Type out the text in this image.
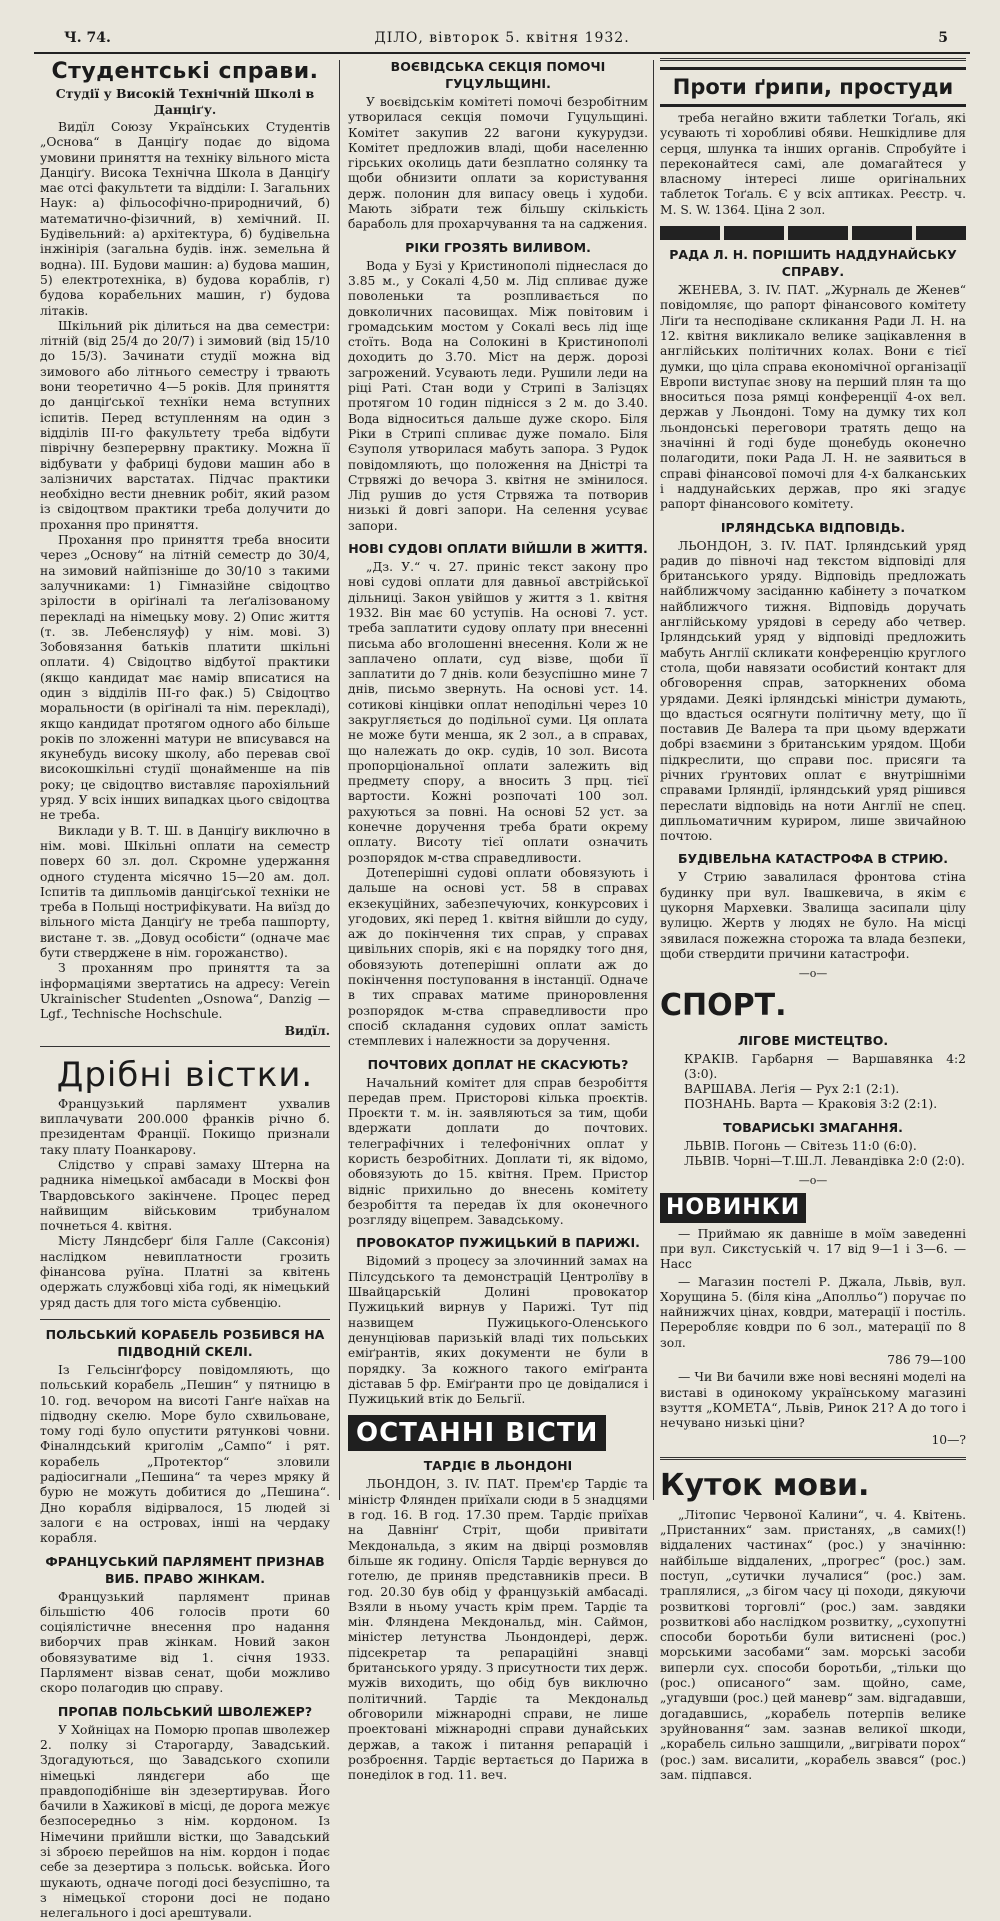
Ч. 74.	ДІЛО, вівторок 5. квітня 1932.	5
Студентські справи.
Студії у Високій Технічній Школі в Данціґу.

Видїл Союзу Українських Студентів „Основа“ в Данціґу подає до відома умовини приняття на техніку вільного міста Данціґу. Висока Технічна Школа в Данціґу має отсі факультети та відділи: І. Загальних Наук: а) фільософічно-природничий, б) математично-фізичний, в) хемічний. II. Будівельний: а) архітектура, б) будівельна інжінірія (загальна будів. інж. земельна й водна). III. Будови машин: а) будова машин, 5) електротехніка, в) будова кораблів, г) будова корабельних машин, ґ) будова літаків.

Шкільний рік ділиться на два семестри: літній (від 25/4 до 20/7) і зимовий (від 15/10 до 15/3). Зачинати студії можна від зимового або літнього семестру і трвають вони теоретично 4—5 років. Для приняття до данціґської технїки нема вступних іспитів. Перед вступленням на один з відділів III-го факультету треба відбути піврічну безперервну практику. Можна її відбувати у фабриці будови машин або в залізничих варстатах. Підчас практики необхідно вести дневник робіт, який разом із свідоцтвом практики треба долучити до прохання про приняття.

Прохання про приняття треба вносити через „Основу“ на літній семестр до 30/4, на зимовий найпізніше до 30/10 з такими залучниками: 1) Гімназійне свідоцтво зрілости в оріґіналі та леґалізованому перекладі на німецьку мову. 2) Опис життя (т. зв. Лебенсляуф) у нім. мові. 3) Зобовязання батьків платити шкільні оплати. 4) Свідоцтво відбутої практики (якщо кандидат має намір вписатися на один з відділів III-го фак.) 5) Свідоцтво моральности (в оріґіналі та нім. перекладі), якщо кандидат протягом одного або більше років по зложенні матури не вписувався на якунебудь високу школу, або перевав свої високошкільні студії щонайменше на пів року; це свідоцтво виставляє парохіяльний уряд. У всіх інших випадках цього свідоцтва не треба.

Виклади у В. Т. Ш. в Данціґу виключно в нім. мові. Шкільні оплати на семестр поверх 60 зл. дол. Скромне удержання одного студента місячно 15—20 ам. дол. Іспитів та дипльомів данціґської техніки не треба в Польщі нострифікувати. На виїзд до вільного міста Данціґу не треба пашпорту, вистане т. зв. „Довуд особісти“ (одначе має бути стверджене в нім. горожанство).

З проханням про приняття та за інформаціями звертатись на адресу: Verein Ukrainischer Studenten „Osnowa“, Danzig — Lgf., Technische Hochschule.

Видїл.
Дрібні вістки.

Французький парлямент ухвалив виплачувати 200.000 франків річно б. президентам Франції. Покищо признали таку плату Поанкарову.

Слідство у справі замаху Штерна на радника німецької амбасади в Москві фон Твардовського закінчене. Процес перед найвищим військовим трибуналом почнеться 4. квітня.

Місту Ляндсберґ біля Галле (Саксонія) наслідком невиплатности грозить фінансова руїна. Платні за квітень одержать службовці хіба годі, як німецький уряд дасть для того міста субвенцію.

ПОЛЬСЬКИЙ КОРАБЕЛЬ РОЗБИВСЯ НА ПІДВОДНІЙ СКЕЛІ.

Із Гельсінґфорсу повідомляють, що польський корабель „Пешин“ у пятницю в 10. год. вечором на висоті Ганґе наїхав на підводну скелю. Море було схвильоване, тому годі було опустити рятункові човни. Фіналндський криголім „Сампо“ і рят. корабель „Протектор“ зловили радіосигнали „Пешина“ та через мряку й бурю не можуть добитися до „Пешина“. Дно корабля відірвалося, 15 людей зі залоги є на островах, інші на чердаку корабля.

ФРАНЦУСЬКИЙ ПАРЛЯМЕНТ ПРИЗНАВ ВИБ. ПРАВО ЖІНКАМ.

Французький парлямент принав більшістю 406 голосів проти 60 соціялістичне внесення про надання виборчих прав жінкам. Новий закон обовязуватиме від 1. січня 1933. Парлямент візвав сенат, щоби можливо скоро полагодив цю справу.

ПРОПАВ ПОЛЬСЬКИЙ ШВОЛЕЖЕР?

У Хойніцах на Поморю пропав шволежер 2. полку зі Старогарду, Завадський. Здогадуються, що Завадського схопили німецькі ляндєгери або ще правдоподібніше він здезертирував. Його бачили в Хажиковї в місці, де дорога межує безпосередньо з нім. кордоном. Із Німечини прийшли вістки, що Завадський зі зброєю перейшов на нім. кордон і подає себе за дезертира з польськ. войська. Його шукають, одначе погоді досі безуспішно, та з німецької сторони досі не подано нелегального і досі арештували.

ВОЄВІДСЬКА СЕКЦІЯ ПОМОЧІ ГУЦУЛЬЩИНІ.

У воєвідськім комітеті помочі безробітним утворилася секція помочи Гуцульщині. Комітет закупив 22 вагони кукурудзи. Комітет предложив владі, щоби населенню гірських околиць дати безплатно солянку та щоби обнизити оплати за користування держ. полонин для випасу овець і худоби. Мають зібрати теж більшу скількість бараболь для прохарчування та на саджения.

РІКИ ГРОЗЯТЬ ВИЛИВОМ.

Вода у Бузі у Кристинополі піднеслася до 3.85 м., у Сокалі 4,50 м. Лід спливає дуже поволеньки та розпливається по довколичних пасовищах. Між повітовим і громадським мостом у Сокалі весь лід іще стоїть. Вода на Солокині в Кристинополі доходить до 3.70. Міст на держ. дорозі загрожений. Усувають леди. Рушили леди на ріці Раті. Стан води у Стрипі в Залізцях протягом 10 годин піднісся з 2 м. до 3.40. Вода відноситься дальше дуже скоро. Біля Ріки в Стрипі спливає дуже помало. Біля Єзуполя утворилася мабуть запора. З Рудок повідомляють, що положення на Дністрі та Стрвяжі до вечора 3. квітня не змінилося. Лід рушив до устя Стрвяжа та потворив низькі й довгі запори. На селення усуває запори.

НОВІ СУДОВІ ОПЛАТИ ВІЙШЛИ В ЖИТТЯ.

„Дз. У.“ ч. 27. приніс текст закону про нові судові оплати для давньої австрійської дільниці. Закон увійшов у життя з 1. квітня 1932. Він має 60 уступів. На основі 7. уст. треба заплатити судову оплату при внесенні письма або вголошенні внесення. Коли ж не заплачено оплати, суд візве, щоби її заплатити до 7 днів. коли безуспішно мине 7 днів, письмо звернуть. На основі уст. 14. сотикові кінцівки оплат неподільні через 10 закругляється до подільної суми. Ця оплата не може бути менша, як 2 зол., а в справах, що належать до окр. судів, 10 зол. Висота пропорціональної оплати залежить від предмету спору, а вносить 3 прц. тієї вартости. Кожні розпочаті 100 зол. рахуються за повні. На основі 52 уст. за конечне доручення треба брати окрему оплату. Висоту тієї оплати означить розпорядок м-ства справедливости.

Дотеперішні судові оплати обовязують і дальше на основі уст. 58 в справах екзекуційних, забезпечуючих, конкурсових і угодових, які перед 1. квітня війшли до суду, аж до покінчення тих справ, у справах цивільних спорів, які є на порядку того дня, обовязують дотеперішні оплати аж до покінчення поступовання в інстанції. Одначе в тих справах матиме приноровлення розпорядок м-ства справедливости про спосіб складання судових оплат замість стемплевих і належности за доручення.

ПОЧТОВИХ ДОПЛАТ НЕ СКАСУЮТЬ?

Начальний комітет для справ безробіття передав прем. Присторові кілька проєктів. Проєкти т. м. ін. заявляються за тим, щоби вдержати доплати до почтових. телеграфічних і телефонічних оплат у користь безробітних. Доплати ті, як відомо, обовязують до 15. квітня. Прем. Пристор відніс прихильно до внесень комітету безробіття та передав їх для оконечного розгляду віцепрем. Завадському.

ПРОВОКАТОР ПУЖИЦЬКИЙ В ПАРИЖІ.

Відомий з процесу за злочинний замах на Пілсудського та демонстрацій Центролїву в Швайцарській Долині провокатор Пужицький вирнув у Парижі. Тут під назвищем Пужицького-Оленського денунціював паризькій владі тих польських еміґрантів, яких документи не були в порядку. За кожного такого еміґранта діставав 5 фр. Еміґранти про це довідалися і Пужицький втік до Бельгії.

ОСТАННІ ВІСТИ
ТАРДІЄ В ЛЬОНДОНІ

ЛЬОНДОН, 3. IV. ПАТ. Прем'єр Тардіє та міністр Флянден приїхали сюди в 5 знадцями в год. 16. В год. 17.30 прем. Тардіє приїхав на Давнінґ Стріт, щоби привітати Мекдональда, з яким на двірці розмовляв більше як годину. Опісля Тардіє вернувся до готелю, де приняв представників преси. В год. 20.30 був обід у французькій амбасаді. Взяли в ньому участь крім прем. Тардіє та мін. Фляндена Мекдональд, мін. Саймон, міністер летунства Льондондері, держ. підсекретар та репараційні знавці британського уряду. З присутности тих держ. мужів виходить, що обід був виключно політичний. Тардіє та Мекдональд обговорили міжнародні справи, не лише проектовані міжнародні справи дунайських держав, а також і питання репарацій і розброєння. Тардіє вертається до Парижа в понеділок в год. 11. веч.

Проти ґрипи, простуди

треба негайно вжити таблетки Тоґаль, які усувають ті хоробливі обяви. Нешкідливе для серця, шлунка та інших органів. Спробуйте і переконайтеся самі, але домагайтеся у власному інтересі лише оригінальних таблеток Тоґаль. Є у всіх аптиках. Реєстр. ч. M. S. W. 1364. Ціна 2 зол.

РАДА Л. Н. ПОРІШИТЬ НАДДУНАЙСЬКУ СПРАВУ.

ЖЕНЕВА, 3. IV. ПАТ. „Журналь де Женев“ повідомляє, що рапорт фінансового комітету Ліґи та несподіване скликання Ради Л. Н. на 12. квітня викликало велике зацікавлення в англійських політичних колах. Вони є тієї думки, що ціла справа економічної організації Европи виступає знову на перший плян та що вноситься поза рямці конференції 4-ох вел. держав у Льондоні. Тому на думку тих кол льондонські переговори тратять дещо на значінні й годі буде щонебудь оконечно полагодити, поки Рада Л. Н. не заявиться в справі фінансової помочі для 4-х балканських і наддунайських держав, про які згадує рапорт фінансового комітету.

ІРЛЯНДСЬКА ВІДПОВІДЬ.

ЛЬОНДОН, 3. IV. ПАТ. Ірляндський уряд радив до півночі над текстом відповіді для британського уряду. Відповідь предложать найближчому засіданню кабінету з початком найближчого тижня. Відповідь доручать англійському урядові в середу або четвер. Ірляндський уряд у відповіді предложить мабуть Англії скликати конференцію круглого стола, щоби навязати особистий контакт для обговорення справ, заторкнених обома урядами. Деякі ірляндські міністри думають, що вдасться осягнути політичну мету, що її поставив Де Валера та при цьому вдержати добрі взаємини з британським урядом. Щоби підкреслити, що справи пос. присяги та річних ґрунтових оплат є внутрішніми справами Ірляндії, ірляндський уряд рішився переслати відповідь на ноти Англії не спец. дипльоматичним куриром, лише звичайною почтою.

БУДІВЕЛЬНА КАТАСТРОФА В СТРИЮ.

У Стрию завалилася фронтова стіна будинку при вул. Івашкевича, в якім є цукорня Мархевки. Звалища засипали цілу вулицю. Жертв у людях не було. На місці зявилася пожежна сторожа та влада безпеки, щоби ствердити причини катастрофи.

—o—
СПОРТ.
ЛІГОВЕ МИСТЕЦТВО.

КРАКІВ. Гарбарня — Варшавянка 4:2 (3:0).

ВАРШАВА. Леґія — Рух 2:1 (2:1).

ПОЗНАНЬ. Варта — Краковія 3:2 (2:1).

ТОВАРИСЬКІ ЗМАГАННЯ.

ЛЬВІВ. Погонь — Світезь 11:0 (6:0).

ЛЬВІВ. Чорні—Т.Ш.Л. Левандівка 2:0 (2:0).

—o—
НОВИНКИ

— Приймаю як давніше в моїм заведенні при вул. Сикстуській ч. 17 від 9—1 і 3—6. — Насс

— Магазин постелі Р. Джала, Львів, вул. Хорущина 5. (біля кіна „Аполльо“) поручає по найнижчих цінах, ковдри, матерації і постіль. Переробляє ковдри по 6 зол., матерації по 8 зол.

786 79—100

— Чи Ви бачили вже нові весняні моделі на виставі в одинокому українському магазині взуття „КОМЕТА“, Львів, Ринок 21? А до того і нечувано низькі ціни?

10—?

Куток мови.

„Літопис Червоної Калини“, ч. 4. Квітень. „Пристанних“ зам. пристанях, „в самих(!) віддалених частинах“ (рос.) у значінню: найбільше віддалених, „прогрес“ (рос.) зам. поступ, „сутички лучалися“ (рос.) зам. траплялися, „з бігом часу ці походи, дякуючи розвиткові торговлі“ (рос.) зам. завдяки розвиткові або наслідком розвитку, „сухопутні способи боротьби були витиснені (рос.) морськими засобами“ зам. морські засоби виперли сух. способи боротьби, „тільки що (рос.) описаного“ зам. щойно, саме, „угадувши (рос.) цей маневр“ зам. відгадавши, догадавшись, „корабель потерпів велике зруйновання“ зам. зазнав великої шкоди, „корабель сильно зашщили, „вигрівати порох“ (рос.) зам. висалити, „корабель звався“ (рос.) зам. підпався.
